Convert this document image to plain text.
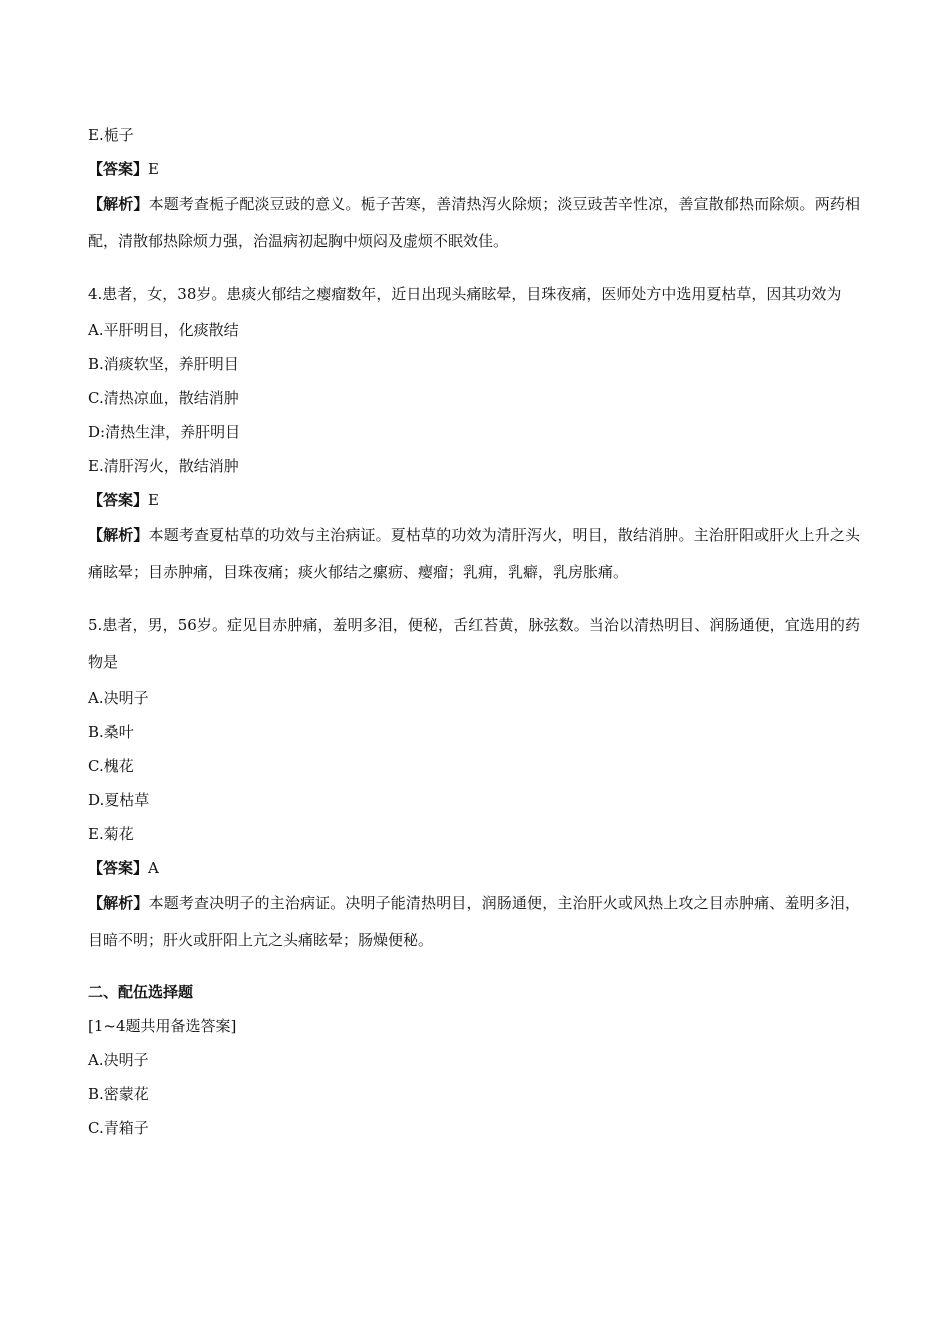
E.栀子
【答案】E
【解析】本题考查栀子配淡豆豉的意义。栀子苦寒，善清热泻火除烦；淡豆豉苦辛性凉，善宣散郁热而除烦。两药相配，清散郁热除烦力强，治温病初起胸中烦闷及虚烦不眠效佳。
4.患者，女，38岁。患痰火郁结之瘿瘤数年，近日出现头痛眩晕，目珠夜痛，医师处方中选用夏枯草，因其功效为
A.平肝明目，化痰散结
B.消痰软坚，养肝明目
C.清热凉血，散结消肿
D:清热生津，养肝明目
E.清肝泻火，散结消肿
【答案】E
【解析】本题考查夏枯草的功效与主治病证。夏枯草的功效为清肝泻火，明目，散结消肿。主治肝阳或肝火上升之头痛眩晕；目赤肿痛，目珠夜痛；痰火郁结之瘰疬、瘿瘤；乳痈，乳癖，乳房胀痛。
5.患者，男，56岁。症见目赤肿痛，羞明多泪，便秘，舌红苔黄，脉弦数。当治以清热明目、润肠通便，宜选用的药物是
A.决明子
B.桑叶
C.槐花
D.夏枯草
E.菊花
【答案】A
【解析】本题考查决明子的主治病证。决明子能清热明目，润肠通便，主治肝火或风热上攻之目赤肿痛、羞明多泪，目暗不明；肝火或肝阳上亢之头痛眩晕；肠燥便秘。
二、配伍选择题
[1~4题共用备选答案]
A.决明子
B.密蒙花
C.青箱子
